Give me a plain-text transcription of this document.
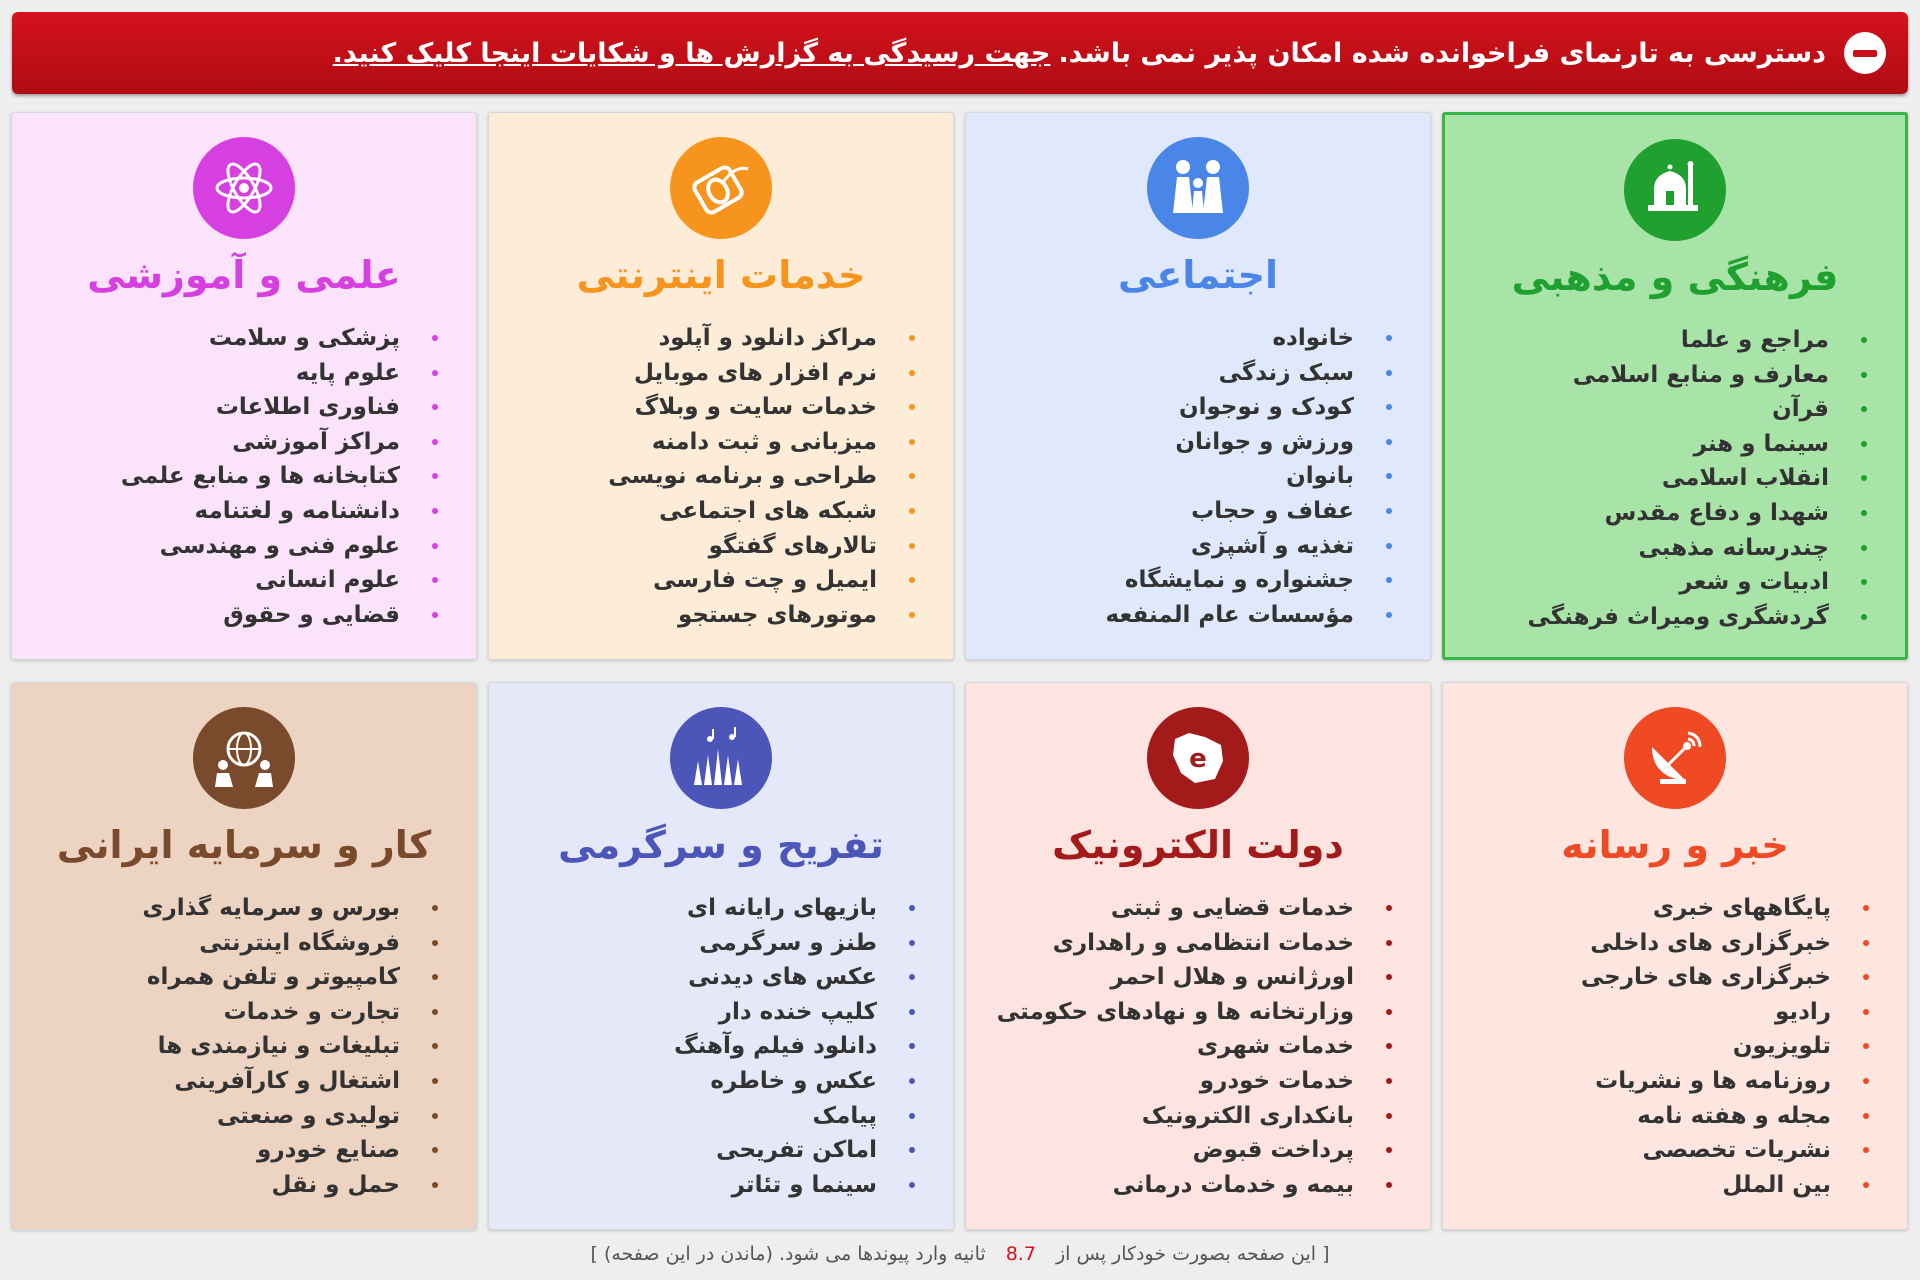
دسترسی به تارنمای فراخوانده شده امکان پذیر نمی باشد.
جهت رسیدگی به گزارش ها و شکایات اینجا کلیک کنید.
فرهنگی و مذهبی
مراجع و علما
معارف و منابع اسلامی
قرآن
سینما و هنر
انقلاب اسلامی
شهدا و دفاع مقدس
چندرسانه مذهبی
ادبیات و شعر
گردشگری ومیراث فرهنگی
اجتماعی
خانواده
سبک زندگی
کودک و نوجوان
ورزش و جوانان
بانوان
عفاف و حجاب
تغذیه و آشپزی
جشنواره و نمایشگاه
مؤسسات عام المنفعه
خدمات اینترنتی
مراکز دانلود و آپلود
نرم افزار های موبایل
خدمات سایت و وبلاگ
میزبانی و ثبت دامنه
طراحی و برنامه نویسی
شبکه های اجتماعی
تالارهای گفتگو
ایمیل و چت فارسی
موتورهای جستجو
علمی و آموزشی
پزشکی و سلامت
علوم پایه
فناوری اطلاعات
مراکز آموزشی
کتابخانه ها و منابع علمی
دانشنامه و لغتنامه
علوم فنی و مهندسی
علوم انسانی
قضایی و حقوق
خبر و رسانه
پایگاههای خبری
خبرگزاری های داخلی
خبرگزاری های خارجی
رادیو
تلویزیون
روزنامه ها و نشریات
مجله و هفته نامه
نشریات تخصصی
بین الملل
e
دولت الکترونیک
خدمات قضایی و ثبتی
خدمات انتظامی و راهداری
اورژانس و هلال احمر
وزارتخانه ها و نهادهای حکومتی
خدمات شهری
خدمات خودرو
بانکداری الکترونیک
پرداخت قبوض
بیمه و خدمات درمانی
تفریح و سرگرمی
بازیهای رایانه ای
طنز و سرگرمی
عکس های دیدنی
کلیپ خنده دار
دانلود فیلم وآهنگ
عکس و خاطره
پیامک
اماکن تفریحی
سینما و تئاتر
کار و سرمایه ایرانی
بورس و سرمایه گذاری
فروشگاه اینترنتی
کامپیوتر و تلفن همراه
تجارت و خدمات
تبلیغات و نیازمندی ها
اشتغال و کارآفرینی
تولیدی و صنعتی
صنایع خودرو
حمل و نقل
[ این صفحه بصورت خودکار پس از 8.7 ثانیه وارد پیوندها می شود. (ماندن در این صفحه) ]
